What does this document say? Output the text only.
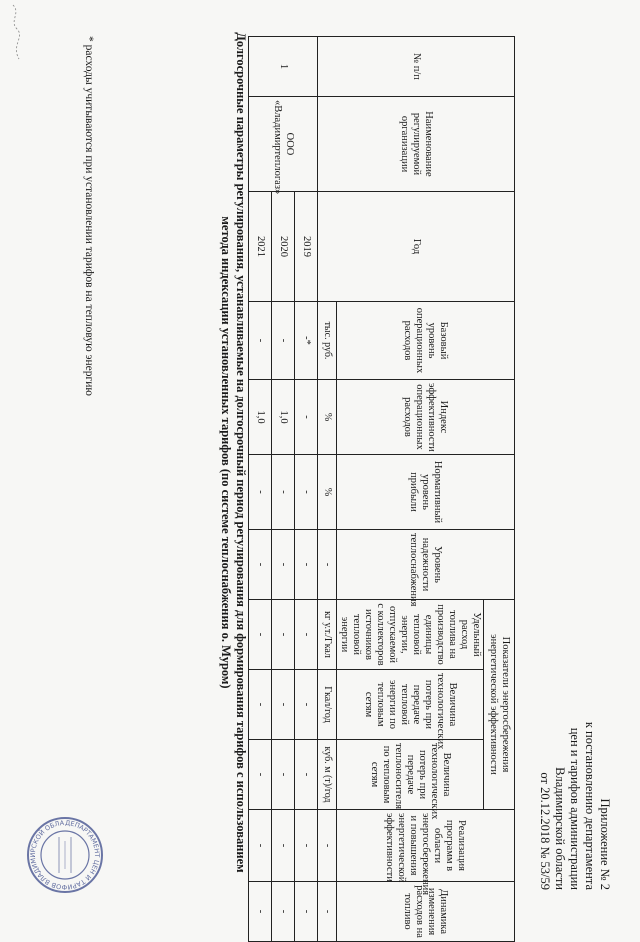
Приложение № 2
к постановлению департамента
цен и тарифов администрации
Владимирской области
от 20.12.2018 № 53/59
Долгосрочные параметры регулирования, устанавливаемые на долгосрочный период регулирования для формирования тарифов с использованием метода индексации установленных тарифов (по системе теплоснабжения о. Муром)
№ п/п	Наименование регулируемой организации	Год	Базовый уровень операционных расходов	Индекс эффективности операционных расходов	Нормативный уровень прибыли	Уровень надежности теплоснабжения	Показатели энергосбережения энергетической эффективности			Реализация программ в области энергосбережения и повышения энергетической эффективности	Динамика изменения расходов на топливо
							Удельный расход топлива на производство единицы тепловой энергии, отпускаемой с коллекторов источников тепловой энергии	Величина технологических потерь при передаче тепловой энергии по тепловым сетям	Величина технологических потерь при передаче теплоносителя по тепловым сетям		
			тыс. руб.	%	%	-	кг у.т./Гкал	Гкал/год	куб. м (т)/год	-	-
1	ООО «Владимиртеплогаз»	2019	-*	-	-	-	-	-	-	-	-
		2020	-	1,0	-	-	-	-	-	-	-
		2021	-	1,0	-	-	-	-	-	-	-
* расходы учитываются при установлении тарифов на тепловую энергию
ДЕПАРТАМЕНТ ЦЕН И ТАРИФОВ ВЛАДИМИРСКОЙ ОБЛА
